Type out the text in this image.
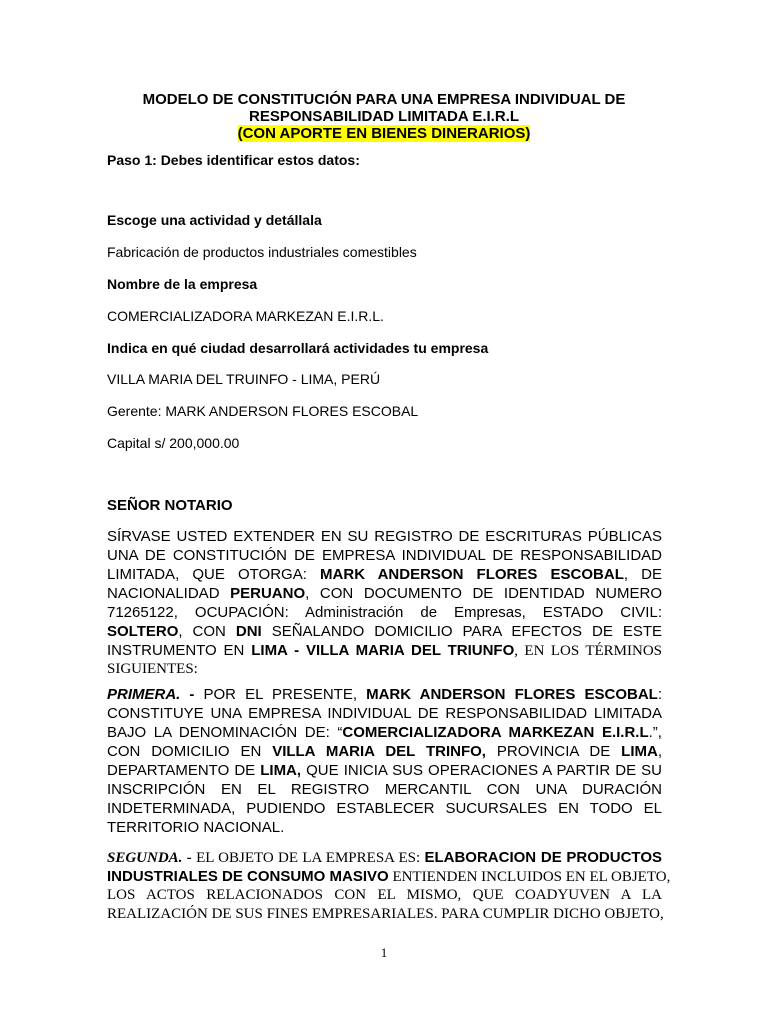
MODELO DE CONSTITUCIÓN PARA UNA EMPRESA INDIVIDUAL DE
RESPONSABILIDAD LIMITADA E.I.R.L
(CON APORTE EN BIENES DINERARIOS)
Paso 1: Debes identificar estos datos:
Escoge una actividad y detállala
Fabricación de productos industriales comestibles
Nombre de la empresa
COMERCIALIZADORA MARKEZAN E.I.R.L.
Indica en qué ciudad desarrollará actividades tu empresa
VILLA MARIA DEL TRUINFO - LIMA, PERÚ
Gerente: MARK ANDERSON FLORES ESCOBAL
Capital s/ 200,000.00
SEÑOR NOTARIO
SÍRVASE USTED EXTENDER EN SU REGISTRO DE ESCRITURAS PÚBLICAS
UNA DE CONSTITUCIÓN DE EMPRESA INDIVIDUAL DE RESPONSABILIDAD
LIMITADA, QUE OTORGA: MARK ANDERSON FLORES ESCOBAL, DE
NACIONALIDAD PERUANO, CON DOCUMENTO DE IDENTIDAD NUMERO
71265122, OCUPACIÓN: Administración de Empresas, ESTADO CIVIL:
SOLTERO, CON DNI SEÑALANDO DOMICILIO PARA EFECTOS DE ESTE
INSTRUMENTO EN LIMA - VILLA MARIA DEL TRIUNFO, EN LOS TÉRMINOS
SIGUIENTES:
PRIMERA. - POR EL PRESENTE, MARK ANDERSON FLORES ESCOBAL:
CONSTITUYE UNA EMPRESA INDIVIDUAL DE RESPONSABILIDAD LIMITADA
BAJO LA DENOMINACIÓN DE: “COMERCIALIZADORA MARKEZAN E.I.R.L.”,
CON DOMICILIO EN VILLA MARIA DEL TRINFO, PROVINCIA DE LIMA,
DEPARTAMENTO DE LIMA, QUE INICIA SUS OPERACIONES A PARTIR DE SU
INSCRIPCIÓN EN EL REGISTRO MERCANTIL CON UNA DURACIÓN
INDETERMINADA, PUDIENDO ESTABLECER SUCURSALES EN TODO EL
TERRITORIO NACIONAL.
SEGUNDA. - EL OBJETO DE LA EMPRESA ES: ELABORACION DE PRODUCTOS
INDUSTRIALES DE CONSUMO MASIVO ENTIENDEN INCLUIDOS EN EL OBJETO,
LOS ACTOS RELACIONADOS CON EL MISMO, QUE COADYUVEN A LA
REALIZACIÓN DE SUS FINES EMPRESARIALES. PARA CUMPLIR DICHO OBJETO,
1
